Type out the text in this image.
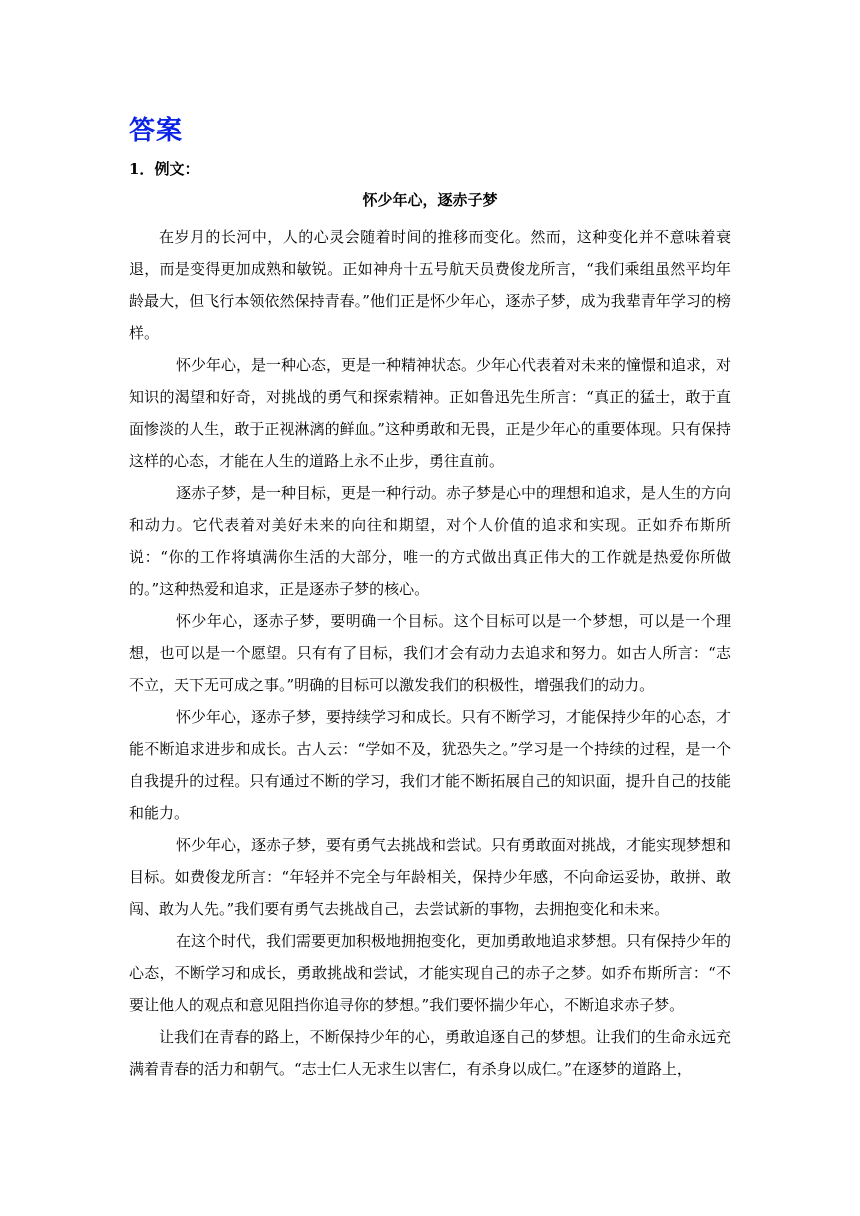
答案
1．例文：
怀少年心，逐赤子梦

在岁月的长河中，人的心灵会随着时间的推移而变化。然而，这种变化并不意味着衰退，而是变得更加成熟和敏锐。正如神舟十五号航天员费俊龙所言，“我们乘组虽然平均年龄最大，但飞行本领依然保持青春。”他们正是怀少年心，逐赤子梦，成为我辈青年学习的榜样。

怀少年心，是一种心态，更是一种精神状态。少年心代表着对未来的憧憬和追求，对知识的渴望和好奇，对挑战的勇气和探索精神。正如鲁迅先生所言：“真正的猛士，敢于直面惨淡的人生，敢于正视淋漓的鲜血。”这种勇敢和无畏，正是少年心的重要体现。只有保持这样的心态，才能在人生的道路上永不止步，勇往直前。

逐赤子梦，是一种目标，更是一种行动。赤子梦是心中的理想和追求，是人生的方向和动力。它代表着对美好未来的向往和期望，对个人价值的追求和实现。正如乔布斯所说：“你的工作将填满你生活的大部分，唯一的方式做出真正伟大的工作就是热爱你所做的。”这种热爱和追求，正是逐赤子梦的核心。

怀少年心，逐赤子梦，要明确一个目标。这个目标可以是一个梦想，可以是一个理想，也可以是一个愿望。只有有了目标，我们才会有动力去追求和努力。如古人所言：“志不立，天下无可成之事。”明确的目标可以激发我们的积极性，增强我们的动力。

怀少年心，逐赤子梦，要持续学习和成长。只有不断学习，才能保持少年的心态，才能不断追求进步和成长。古人云：“学如不及，犹恐失之。”学习是一个持续的过程，是一个自我提升的过程。只有通过不断的学习，我们才能不断拓展自己的知识面，提升自己的技能和能力。

怀少年心，逐赤子梦，要有勇气去挑战和尝试。只有勇敢面对挑战，才能实现梦想和目标。如费俊龙所言：“年轻并不完全与年龄相关，保持少年感，不向命运妥协，敢拼、敢闯、敢为人先。”我们要有勇气去挑战自己，去尝试新的事物，去拥抱变化和未来。

在这个时代，我们需要更加积极地拥抱变化，更加勇敢地追求梦想。只有保持少年的心态，不断学习和成长，勇敢挑战和尝试，才能实现自己的赤子之梦。如乔布斯所言：“不要让他人的观点和意见阻挡你追寻你的梦想。”我们要怀揣少年心，不断追求赤子梦。

让我们在青春的路上，不断保持少年的心，勇敢追逐自己的梦想。让我们的生命永远充满着青春的活力和朝气。“志士仁人无求生以害仁，有杀身以成仁。”在逐梦的道路上，
